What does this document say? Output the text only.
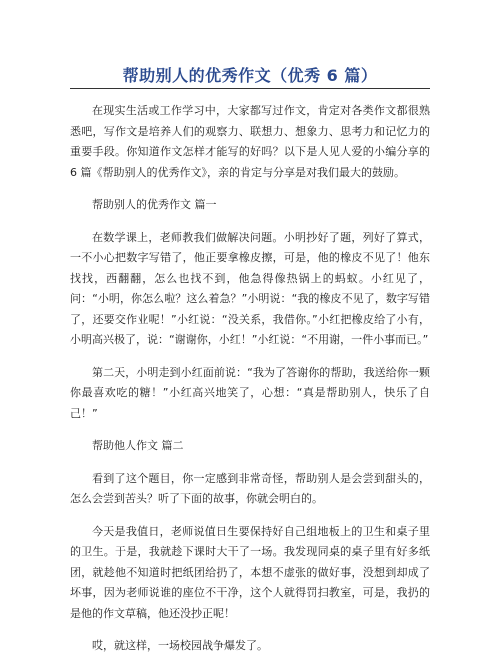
帮助别人的优秀作文（优秀 6 篇）

在现实生活或工作学习中，大家都写过作文，肯定对各类作文都很熟悉吧，写作文是培养人们的观察力、联想力、想象力、思考力和记忆力的重要手段。你知道作文怎样才能写的好吗？以下是人见人爱的小编分享的 6 篇《帮助别人的优秀作文》，亲的肯定与分享是对我们最大的鼓励。

帮助别人的优秀作文 篇一

在数学课上，老师教我们做解决问题。小明抄好了题，列好了算式，一不小心把数字写错了，他正要拿橡皮擦，可是，他的橡皮不见了！他东找找，西翻翻，怎么也找不到，他急得像热锅上的蚂蚁。小红见了，问：“小明，你怎么啦？这么着急？”小明说：“我的橡皮不见了，数字写错了，还要交作业呢！”小红说：“没关系，我借你。”小红把橡皮给了小有，小明高兴极了，说：“谢谢你，小红！”小红说：“不用谢，一件小事而已。”

第二天，小明走到小红面前说：“我为了答谢你的帮助，我送给你一颗你最喜欢吃的糖！”小红高兴地笑了，心想：“真是帮助别人，快乐了自己！”

帮助他人作文 篇二

看到了这个题目，你一定感到非常奇怪，帮助别人是会尝到甜头的，怎么会尝到苦头？听了下面的故事，你就会明白的。

今天是我值日，老师说值日生要保持好自己组地板上的卫生和桌子里的卫生。于是，我就趁下课时大干了一场。我发现同桌的桌子里有好多纸团，就趁他不知道时把纸团给扔了，本想不虚张的做好事，没想到却成了坏事，因为老师说谁的座位不干净，这个人就得罚扫教室，可是，我扔的是他的作文草稿，他还没抄正呢！

哎，就这样，一场校园战争爆发了。
